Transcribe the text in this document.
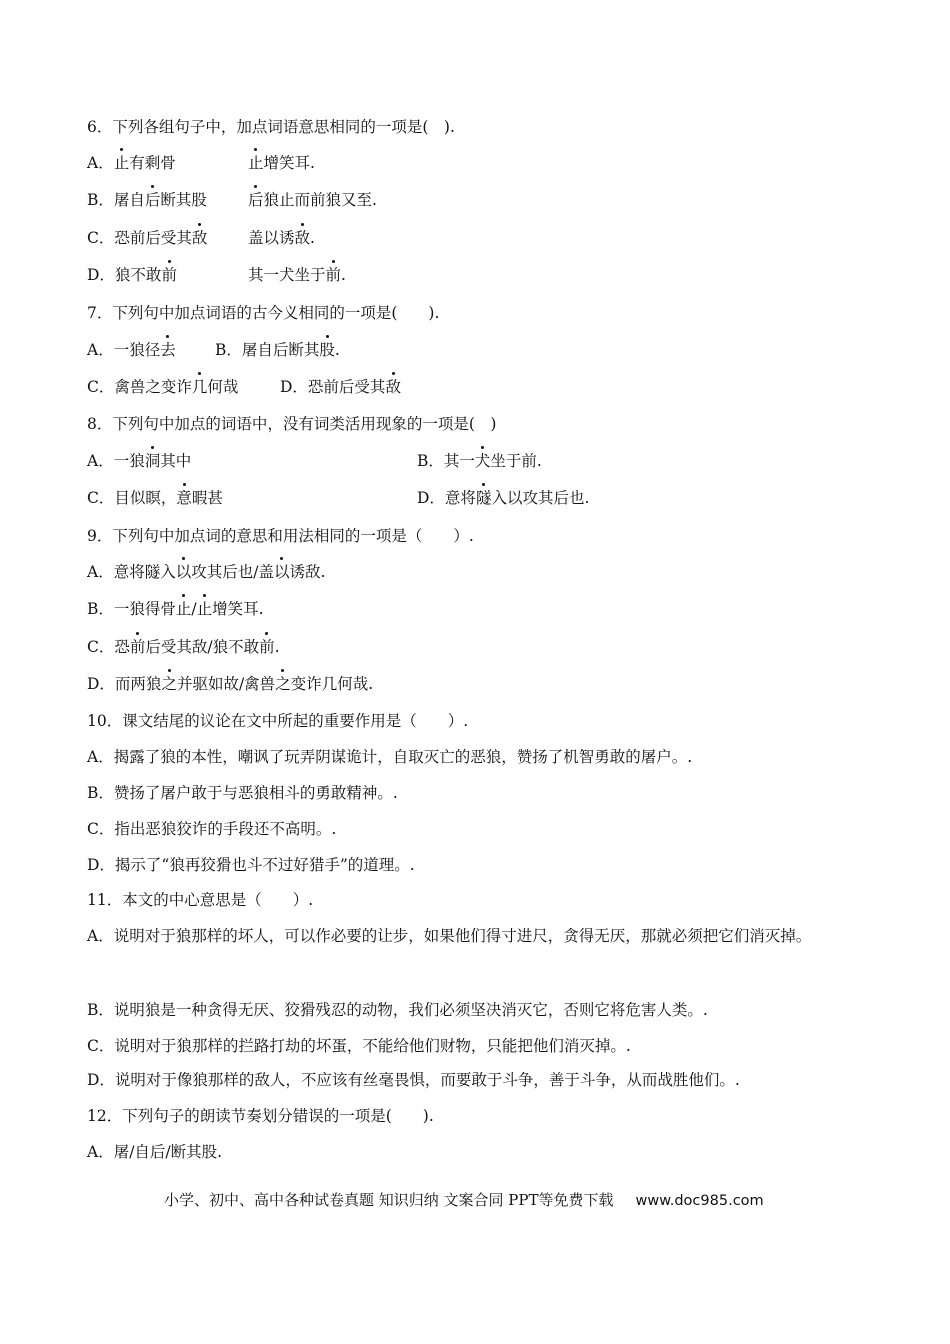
6．下列各组句子中，加点词语意思相同的一项是(　).
A．止有剩骨	止增笑耳.
B．屠自后断其股	后狼止而前狼又至.
C．恐前后受其敌	盖以诱敌.
D．狼不敢前	其一犬坐于前.
7．下列句中加点词语的古今义相同的一项是(　　).
A．一狼径去	B．屠自后断其股.
C．禽兽之变诈几何哉	D．恐前后受其敌
8．下列句中加点的词语中，没有词类活用现象的一项是(　)
A．一狼洞其中	B．其一犬坐于前.
C．目似瞑，意暇甚	D．意将隧入以攻其后也.
9．下列句中加点词的意思和用法相同的一项是（　　）.
A．意将隧入以攻其后也/盖以诱敌.
B．一狼得骨止/止增笑耳.
C．恐前后受其敌/狼不敢前.
D．而两狼之并驱如故/禽兽之变诈几何哉.
10．课文结尾的议论在文中所起的重要作用是（　　）.
A．揭露了狼的本性，嘲讽了玩弄阴谋诡计，自取灭亡的恶狼，赞扬了机智勇敢的屠户。.
B．赞扬了屠户敢于与恶狼相斗的勇敢精神。.
C．指出恶狼狡诈的手段还不高明。.
D．揭示了“狼再狡猾也斗不过好猎手”的道理。.
11．本文的中心意思是（　　）.
A．说明对于狼那样的坏人，可以作必要的让步，如果他们得寸进尺，贪得无厌，那就必须把它们消灭掉。
B．说明狼是一种贪得无厌、狡猾残忍的动物，我们必须坚决消灭它，否则它将危害人类。.
C．说明对于狼那样的拦路打劫的坏蛋，不能给他们财物，只能把他们消灭掉。.
D．说明对于像狼那样的敌人，不应该有丝毫畏惧，而要敢于斗争，善于斗争，从而战胜他们。.
12．下列句子的朗读节奏划分错误的一项是(　　).
A．屠/自后/断其股.
小学、初中、高中各种试卷真题 知识归纳 文案合同 PPT等免费下载 www.doc985.com
